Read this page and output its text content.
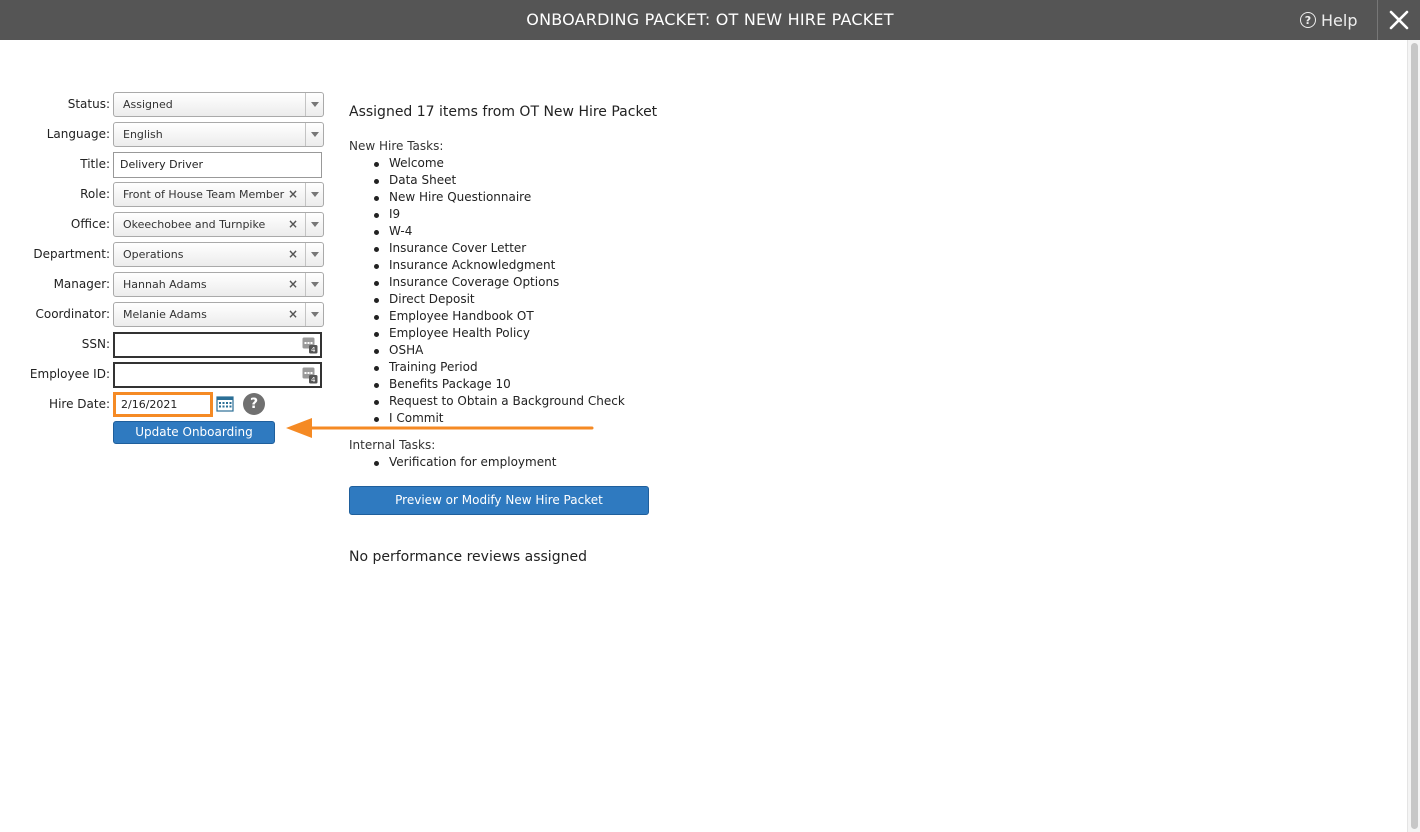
ONBOARDING PACKET: OT NEW HIRE PACKET	? Help
Status:	Assigned
Language:	English
Title: Delivery Driver
Role:	Front of House Team Member ×
Office:	Okeechobee and Turnpike ×
Department:	Operations	×
Manager:	Hannah Adams	×
Coordinator:	Melanie Adams	×
SSN:	4
Employee ID:	4
Hire Date:	2/16/2021	?
Update Onboarding Record
Assigned 17 items from OT New Hire Packet
New Hire Tasks:
Welcome
Data Sheet
New Hire Questionnaire
I9
W-4
Insurance Cover Letter
Insurance Acknowledgment
Insurance Coverage Options
Direct Deposit
Employee Handbook OT
Employee Health Policy
OSHA
Training Period
Benefits Package 10
Request to Obtain a Background Check
I Commit
Internal Tasks:
Verification for employment
Preview or Modify New Hire Packet
No performance reviews assigned
